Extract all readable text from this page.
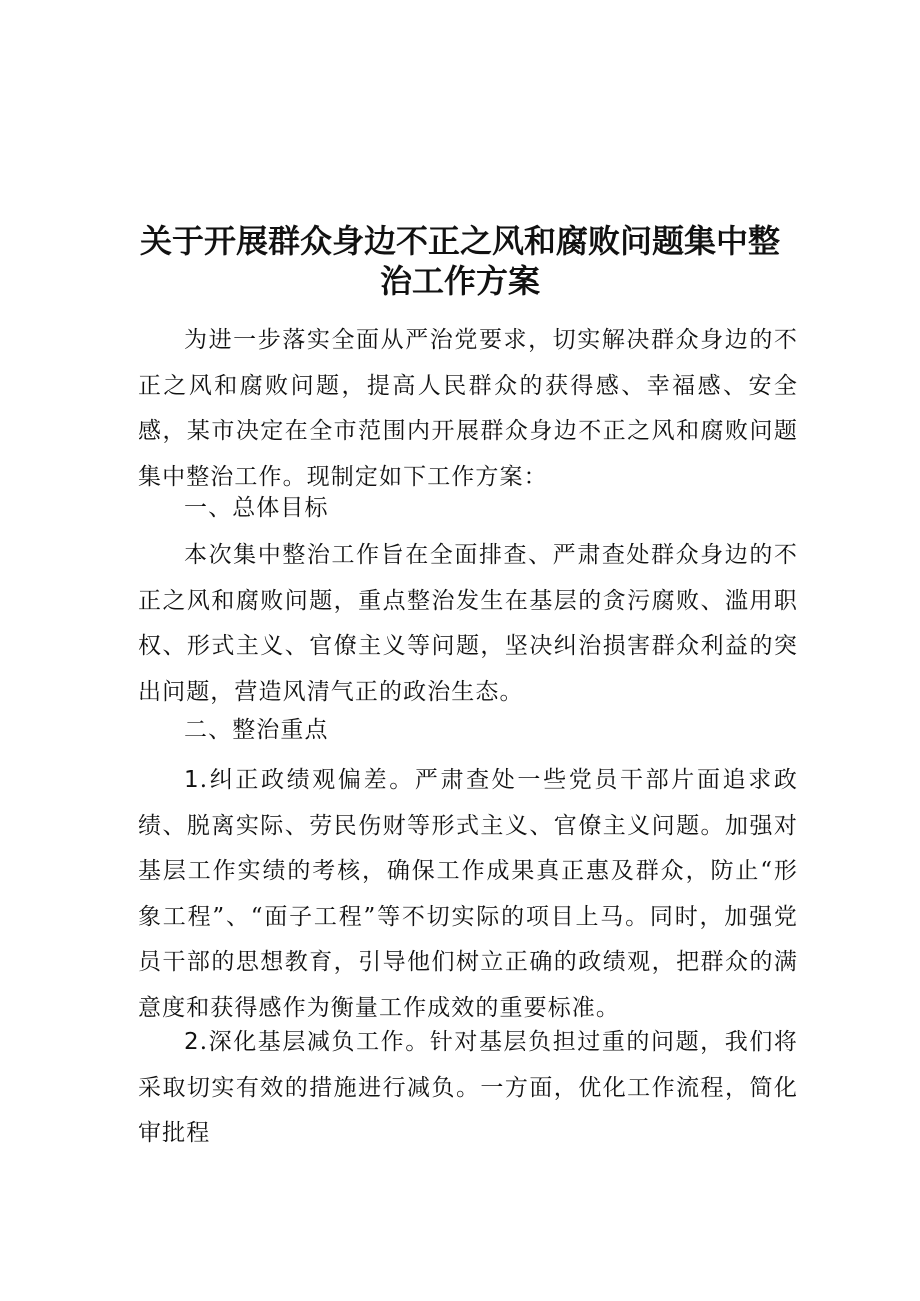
关于开展群众身边不正之风和腐败问题集中整
治工作方案

为进一步落实全面从严治党要求，切实解决群众身边的不正之风和腐败问题，提高人民群众的获得感、幸福感、安全感，某市决定在全市范围内开展群众身边不正之风和腐败问题集中整治工作。现制定如下工作方案：

一、总体目标

本次集中整治工作旨在全面排查、严肃查处群众身边的不正之风和腐败问题，重点整治发生在基层的贪污腐败、滥用职权、形式主义、官僚主义等问题，坚决纠治损害群众利益的突出问题，营造风清气正的政治生态。

二、整治重点

1.纠正政绩观偏差。严肃查处一些党员干部片面追求政绩、脱离实际、劳民伤财等形式主义、官僚主义问题。加强对基层工作实绩的考核，确保工作成果真正惠及群众，防止“形象工程”、“面子工程”等不切实际的项目上马。同时，加强党员干部的思想教育，引导他们树立正确的政绩观，把群众的满意度和获得感作为衡量工作成效的重要标准。

2.深化基层减负工作。针对基层负担过重的问题，我们将采取切实有效的措施进行减负。一方面，优化工作流程，简化审批程
